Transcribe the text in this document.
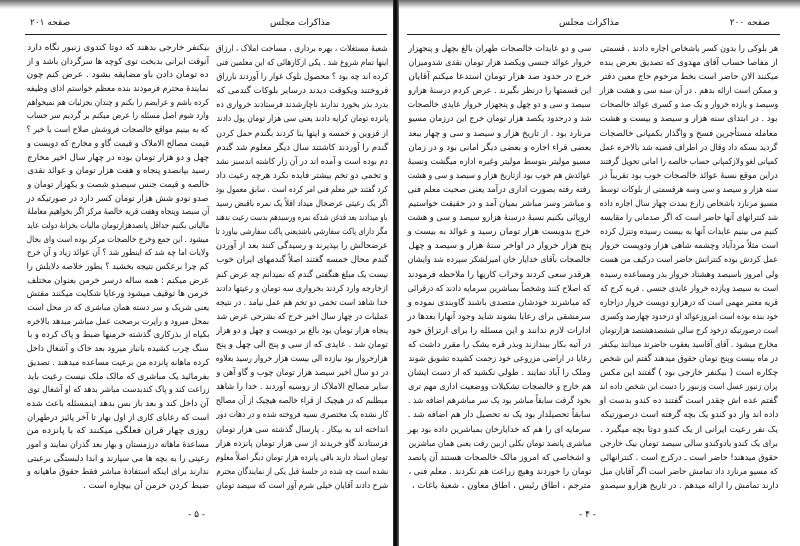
صفحه ۲۰۰
مذاکرات مجلس
هر بلوکی را بدون کسر باشخاص اجاره دادند . قسمتی
از مفاصا حساب آقای مهدوی که تصدیق بعرض بنده
میکنند الان حاضر است بخط مرحوم حاج معین دفتر
و ممکن است ارائه بدهم . در آن سنه سی و هشت هزار
وسیصد و یازده خروار و یک صد و کسری عوائد خالصجات
بود . در ابتدای سنه هزار و سیصد و بیست و هشت
معامله مستأجرین فسخ و واگذار بکمپانی خالصجات
گردید بسکه داد وقال در اطراف قضیه شد بالاخره عمل
کمپانی لغو ولازکمپانی حساب خالصه را امانی تحویل گرفتند
دراین موقع نسبهٔ عوائد خالصجات خوب بود تقریباً در
سنه هزار و سیصد و سی وسه هرقسمتی از بلوکات توسط
مسیو مرنارد باشخاص زارع بمدت چهار سال اجاره داده
شد کنترانهای آنها حاضر است که اگر صدمانی را مقایسه
کنیم می بینیم عایدات آنها به بیست رسیده وتنزل کرده
است مثلاً مردآباد وچشمه شاهی هزار ودویست خروار
عمل کردش بوده کنترانش حاضر است درکیف من هست
ولی امروز باسیصد وهشتاد خروار بذر ومساعده رسیده
است به سیصد ویازده خروار عایدی جنسی . قریه کرج که
قریه معتبر مهمی است که درهزارو دویست خروار دراجاره
خود بنده بوده است امروزعوائد او درحدود چهارصد وکسری
است درصورتیکه درخود کرج سالی ششصدهشتصد هزارتومان
مخارج میشود . آقای آقاسید یعقوب حاضرند میدانند بیکنفر
در ماه بیست وپنج تومان حقوق میدهند گفتم این شخص
چکاره است ( بیکنفر خارجی بود ) گفتند این مکس
پران زنبور عسل است وزنبور را دست این شخص داده اند
گفتم عده اش چقدر است گفتند ده کندو بدست او
داده اند واز دو کندو یک بچه گرفته است درصورتیکه
یک نفر رعیت ایرانی از یک کندو دوتا بچه میگیرد .
برای یک کندو یادوکندو سالی سیصد تومان بیک خارجی
حقوق میدهند! حاضر است ـ درکرج است . کنترانهائی
که مسیو مرنارد داد تمامش حاضر است اگر آقایان میل
دارند تمامش را ارائه میدهم . در تاریخ هزارو سیصدو
سی و دو عایدات خالصجات طهران بالغ بچهل و پنجهزار
خروار عوائد جنسی ویکصد هزار تومان نقدی شدومیزان
خرج در حدود صد هزار تومان استدعا میکنم آقایان
این قسمتها را درنظر بگیرند . عرض کردم درسنهٔ هزارو
سیصد و سی و دو چهل و پنجهزار خروار عایدی خالصجات
شد و درحدود یکصد هزار تومان خرج این درزمان مسیو
مرنارد بود . از تاریخ هزار و سیصد و سی و چهار ببعد
بعضی قراء اجاره و بعضی دیگر امانی بود و در زمان
مسیو مولیتر بتوسط مولیتر وغیره اداره میگشت ونسبهٔ
عوائدش هم خوب بود ازتاریخ هزار و سیصد و سی و هشت
رفته رفته بصورت اداری درآمد یعنی صحبت معلم فنی
و مباشر وسر مباشر بمیان آمد و در حقیقت خواستیم
اروپائی بکنیم نسبهٔ درسنهٔ هزارو سیصد و سی و هشت
خرج بدویست هزار تومان رسید و عوائد به بیست و
پنج هزار خروار در اواخر سنهٔ هزار و سیصد و چهل
خالصجات بآقای خدایار خان امیرلشکر سپرده شد وایشان
هرقدر سعی کردند وخراب کاریها را ملاحظه فرمودند
که اصلاح کنند وشخصاً بمباشرین سرمایه دادند که درقرائی
که مباشرند خودشان متصدی باشند گاوبندی نموده و
سرمشقی برای رعایا بشوند شاید وجود آنهارا بعدها در
ادارات لازم ندانند و این مسئله را برای ارتزاق خود
در آتیه بکار ببندازند وبذر قره یشک را مقرر داشت که
رعایا در اراضی مزروعی خود زحمت کشیده تشویق شوند
وملک را آباد نمایند . طولی نکشید که از دست ایشان
هم خارج و خالصجات تشکیلات ووضعیت اداری مهم تری
بخود گرفت سابقاً مباشر بود یک سر مباشرهم اضافه شد .
سابقاً تحصیلدار بود یک نه تحصیل دار هم اضافه شد .
سرمایه ای را هم که خدایارخان بمباشرین داده بود بهر
مباشری پانصد تومان بکلی ازبین رفت یعنی همان مباشرین
و اشخاصی که امروز مالک خالصجات هستند آن پانصد
تومان را خوردند وهیچ زراعت هم نکردند . معلم فنی ،
مترجم ، اطاق رئیس ، اطاق معاون ، شعبهٔ باغات ،
- ۴ -
صفحه ۲۰۱	مذاکرات مجلس
شعبهٔ مستغلات ، بهره برداری ، مساحت املاک ، ارزاق
اینها تمام شروع شد . یکی ازکارهائی که این معلمین فنی
کرده اند چه بود ؟ محصول بلوک غوار را آوردند بارزاق
فروختند ویکوقت دیدند درسایر بلوکات گندمی که
بدرد بذر بخورد ندارند ناچارشدند فرستادند خرواری ده
پانزده تومان کرایه دادند یعنی سی هزار تومان پول دادند
از قزوین و خمسه و اینها بنا کردند بگندم حمل کردن
گندم را آوردند کاشتند سال دیگر معلوم شد گندم
دم بوده است و آمده اند در آن زار کاشته اندسبز نشد
و تخمی دو تخم بیشتر فایده نکرد هرچه رعیت داد
کرد گفتند خیر معلم فنی امر کرده است . سابق معمول بود
اگر یک رعیتی عرضحال میداد اقلاً یک نمره باقبض رسید
باو میدادند بعد قدغن شدکه نمره ورسیدهم بدست رعیت ندهند
مگر دارای پاکت سفارشی باشدیعنی پاکت سفارشی بیاورد تا
عرضحالش را بپذیرند و رسیدگی کنند بعد از آوردن
گندم محال خمسه گفتند اصلاً گندمهای ایران خوب
نیست یک مبلغ هنگفتی گندم که نمیدانم چه عرض کنم
ازخارجه وارد کردند بخرواری سه تومان و رعیتها دادند
خدا شاهد است تخمی دو تخم هم عمل نیامد . در نتیجه
عملیات در چهار سال اخیر خرج که بشرحی عرض شد
پنجاه هزار تومان بود بالغ بر دویست و چهل و دو هزار
تومان شد . عایدی که از سی و پنج الی چهل و پنج
هزارخروار بود بیازده الی بیست هزار خروار رسید بعلاوه
در دو سال اخیر سیصد هزار تومان چوب و گاو آهن و
سایر مصالح الاملاک از روسیه آوردند . خدا را شاهد
میطلبم که در هیچیک از قراء خالصه هیچیک از آن مصالح
کار نشده یک مختصری نسیه فروخته شده و در دهات دور
انداخته اند به بیکار . پارسال گذشته سی هزار تومان
فرستادند گاو خریدند از سی هزار تومان پانزده هزار
تومان اسناد دارند باقی پانزده هزار تومان دیگر اصلاً معلوم
نشده است چه شده در جلسهٔ قبل یکی از نمایندگان محترم
شرح دادند آقایان خیلی شرم آور است که سیصد تومان
بیکنفر خارجی بدهند که دوتا کندوی زنبور نگاه دارد
آنوقت ایرانی بدبخت توی کوچه ها سرگردان باشد و از
ده تومان دادن باو مضایقه بشود . عرض کنم چون
نمایندهٔ محترم فرمودند بنده معظم خواستم ادای وظیفه
کرده باشم و عرایضم را بکنم و چندان بجزئیات هم نمیخواهم
وارد شوم اصل مسئله را عرض میکنم بر گردیم سر حساب
که به بینیم مواقع خالصجات فروشش صلاح است یا خیر ؟
قیمت مصالح الاملاک و قیمت گاو و مخارج که دویست و
چهل و دو هزار تومان بوده در چهار سال اخیر مخارج
رسید بپانصدو پنجاه و هفت هزار تومان و عوائد نقدی
خالصه و قیمت جنس سیصدو شصت و یکهزار تومان و
صدو نودو شش هزار تومان کسر دارد در صورتیکه در
آن سیصد وپنجاه وهفت قریه خالصهٔ مرکز اگر بخواهیم معاملهٔ
مالیاتی بکنیم حداقل پانصدهزارتومان مالیات بخزانهٔ دولت عاید
میشود . این جمع وخرج خالصجات مرکز بوده است وای بحال
ولایات اما چه شد که اینطور شد ؟ آن عوائد زیاد و آن خرج
کم چرا برعکس نتیجه بخشید ؟ بطور خلاصه دلایلش را
عرض میکنم : همه ساله درسر خرمن بعنوان مختلف
خرمن ها توقیف میشود ورعایا شکایت میکنند مفتش
یعنی شریک و سر دسته همان مباشری که در محل است
بمحل میرود و راپرت برصحت عمل مباشر میدهد بالاخره
بکیاه از بذرکاری گذشته خرمنها ضبط و پاک کرده و با
سنگ چرب کشیده بانبار میرود بعد خاک و آشغال داخل
کرده ماهانه پانزده من برعیت مساعده میدهند . تصدیق
بفرمائید یک مباشری که مالک ملک نیست رعیت باید
زراعت کند و پاک کندبدست مباشر بدهد که او آشغال توی
آن داخل کند و بعد باز بس بدهد اینمسئله باعث شده
است که رعایای کاری از اول بهار تا آخر پائیز درطهران
روزی چهار قران فعلگی میکنند که با پانزده من
مساعدهٔ ماهانه درزمستان و بهار بعد گذران نمایند و امور
رعیتی را به بچه ها می سپارند و ابدا دلبستگی برعیتی
ندارند برای اینکه استفادهٔ مباشر فقط حقوق ماهیانه و
ضبط کردن خرمن آن بیچاره است .
- ۵ -
